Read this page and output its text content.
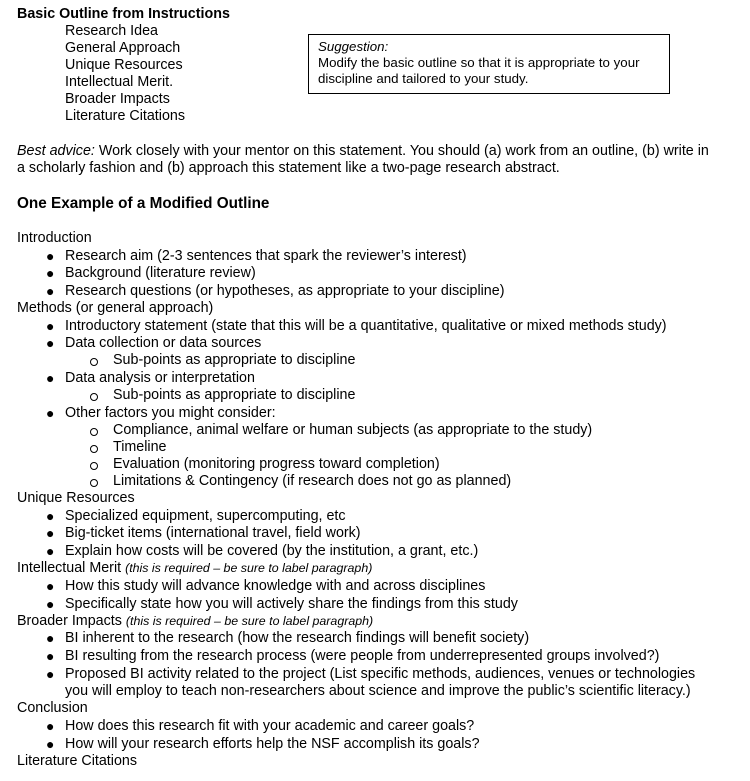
Basic Outline from Instructions
Research Idea
General Approach
Unique Resources
Intellectual Merit.
Broader Impacts
Literature Citations
Suggestion:
Modify the basic outline so that it is appropriate to your discipline and tailored to your study.
Best advice: Work closely with your mentor on this statement. You should (a) work from an outline, (b) write in
a scholarly fashion and (b) approach this statement like a two-page research abstract.
One Example of a Modified Outline
Introduction
● Research aim (2-3 sentences that spark the reviewer’s interest)
● Background (literature review)
● Research questions (or hypotheses, as appropriate to your discipline)
Methods (or general approach)
● Introductory statement (state that this will be a quantitative, qualitative or mixed methods study)
● Data collection or data sources
Sub-points as appropriate to discipline
● Data analysis or interpretation
Sub-points as appropriate to discipline
● Other factors you might consider:
Compliance, animal welfare or human subjects (as appropriate to the study)
Timeline
Evaluation (monitoring progress toward completion)
Limitations & Contingency (if research does not go as planned)
Unique Resources
● Specialized equipment, supercomputing, etc
● Big-ticket items (international travel, field work)
● Explain how costs will be covered (by the institution, a grant, etc.)
Intellectual Merit (this is required – be sure to label paragraph)
● How this study will advance knowledge with and across disciplines
● Specifically state how you will actively share the findings from this study
Broader Impacts (this is required – be sure to label paragraph)
● BI inherent to the research (how the research findings will benefit society)
● BI resulting from the research process (were people from underrepresented groups involved?)
● Proposed BI activity related to the project (List specific methods, audiences, venues or technologies
you will employ to teach non-researchers about science and improve the public’s scientific literacy.)
Conclusion
● How does this research fit with your academic and career goals?
● How will your research efforts help the NSF accomplish its goals?
Literature Citations
